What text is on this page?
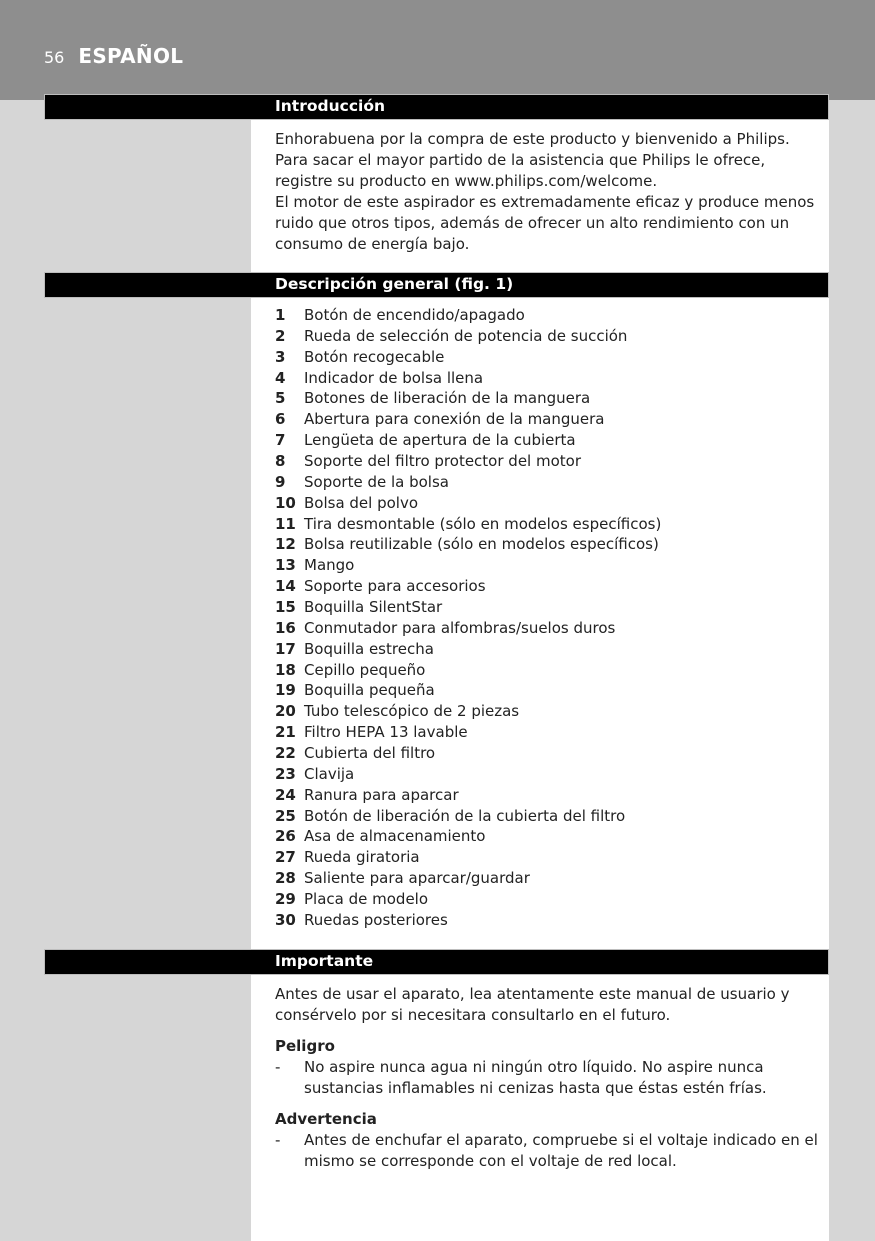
56 ESPAÑOL
Introducción

Enhorabuena por la compra de este producto y bienvenido a Philips. Para sacar el mayor partido de la asistencia que Philips le ofrece, registre su producto en www.philips.com/welcome.

El motor de este aspirador es extremadamente eficaz y produce menos ruido que otros tipos, además de ofrecer un alto rendimiento con un consumo de energía bajo.

Descripción general (fig. 1)
1	Botón de encendido/apagado
2	Rueda de selección de potencia de succión
3	Botón recogecable
4	Indicador de bolsa llena
5	Botones de liberación de la manguera
6	Abertura para conexión de la manguera
7	Lengüeta de apertura de la cubierta
8	Soporte del filtro protector del motor
9	Soporte de la bolsa
10 Bolsa del polvo
11 Tira desmontable (sólo en modelos específicos)
12 Bolsa reutilizable (sólo en modelos específicos)
13 Mango
14 Soporte para accesorios
15 Boquilla SilentStar
16 Conmutador para alfombras/suelos duros
17 Boquilla estrecha
18 Cepillo pequeño
19 Boquilla pequeña
20 Tubo telescópico de 2 piezas
21 Filtro HEPA 13 lavable
22 Cubierta del filtro
23 Clavija
24 Ranura para aparcar
25 Botón de liberación de la cubierta del filtro
26 Asa de almacenamiento
27 Rueda giratoria
28 Saliente para aparcar/guardar
29 Placa de modelo
30 Ruedas posteriores
Importante

Antes de usar el aparato, lea atentamente este manual de usuario y consérvelo por si necesitara consultarlo en el futuro.

Peligro
-	No aspire nunca agua ni ningún otro líquido. No aspire nunca sustancias inflamables ni cenizas hasta que éstas estén frías.
Advertencia
-	Antes de enchufar el aparato, compruebe si el voltaje indicado en el mismo se corresponde con el voltaje de red local.
